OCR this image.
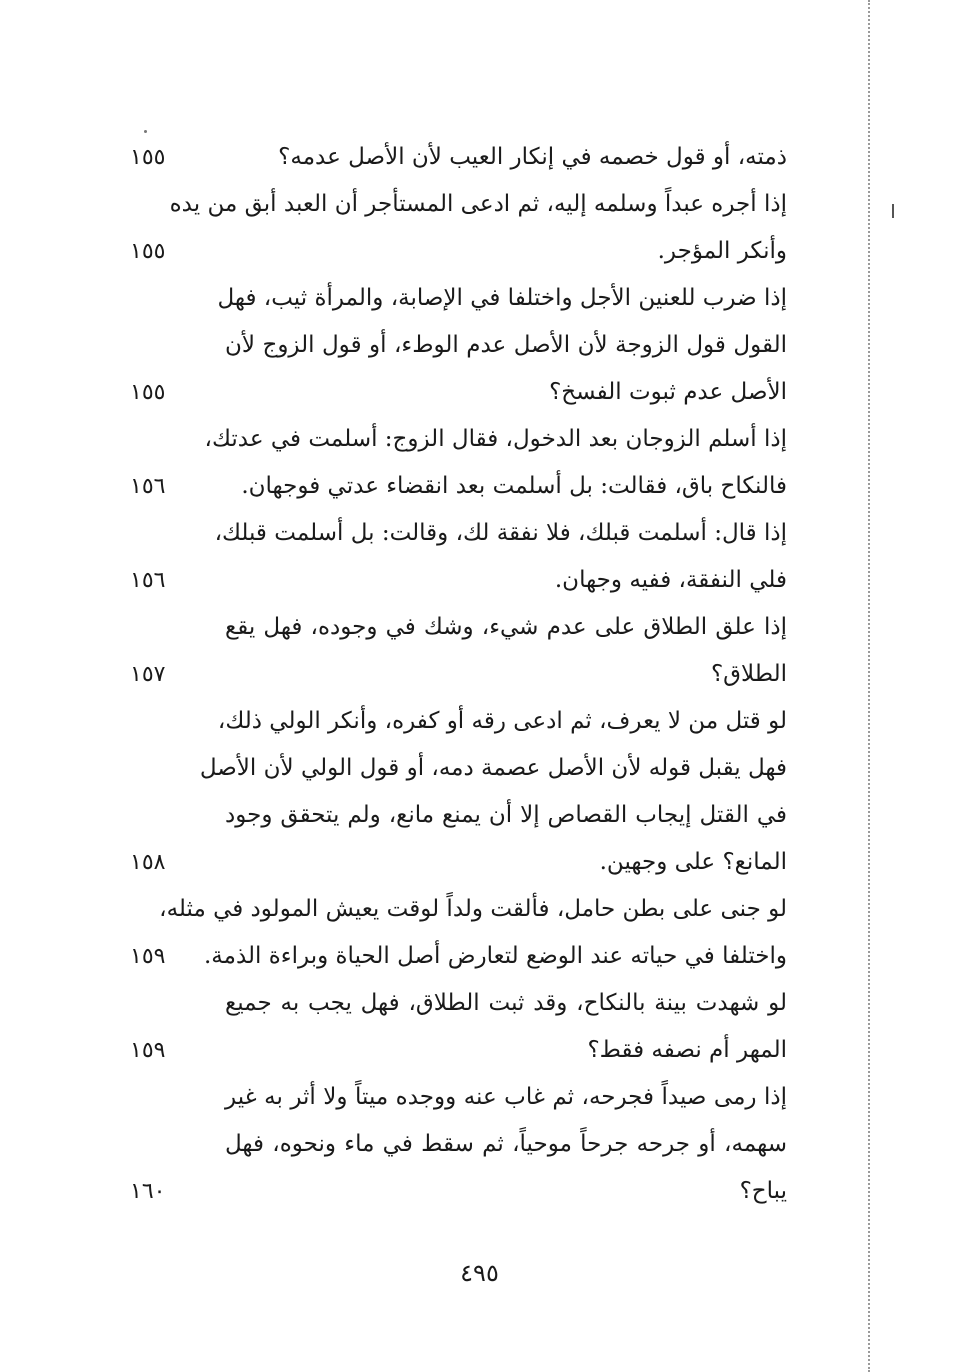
ذمته، أو قول خصمه في إنكار العيب لأن الأصل عدمه؟
١٥٥
إذا أجره عبداً وسلمه إليه، ثم ادعى المستأجر أن العبد أبق من يده
وأنكر المؤجر.
١٥٥
إذا ضرب للعنين الأجل واختلفا في الإصابة، والمرأة ثيب، فهل
القول قول الزوجة لأن الأصل عدم الوطء، أو قول الزوج لأن
الأصل عدم ثبوت الفسخ؟
١٥٥
إذا أسلم الزوجان بعد الدخول، فقال الزوج: أسلمت في عدتك،
فالنكاح باق، فقالت: بل أسلمت بعد انقضاء عدتي فوجهان.
١٥٦
إذا قال: أسلمت قبلك، فلا نفقة لك، وقالت: بل أسلمت قبلك،
فلي النفقة، ففيه وجهان.
١٥٦
إذا علق الطلاق على عدم شيء، وشك في وجوده، فهل يقع
الطلاق؟
١٥٧
لو قتل من لا يعرف، ثم ادعى رقه أو كفره، وأنكر الولي ذلك،
فهل يقبل قوله لأن الأصل عصمة دمه، أو قول الولي لأن الأصل
في القتل إيجاب القصاص إلا أن يمنع مانع، ولم يتحقق وجود
المانع؟ على وجهين.
١٥٨
لو جنى على بطن حامل، فألقت ولداً لوقت يعيش المولود في مثله،
واختلفا في حياته عند الوضع لتعارض أصل الحياة وبراءة الذمة.
١٥٩
لو شهدت بينة بالنكاح، وقد ثبت الطلاق، فهل يجب به جميع
المهر أم نصفه فقط؟
١٥٩
إذا رمى صيداً فجرحه، ثم غاب عنه ووجده ميتاً ولا أثر به غير
سهمه، أو جرحه جرحاً موحياً، ثم سقط في ماء ونحوه، فهل
يباح؟
١٦٠
٤٩٥
